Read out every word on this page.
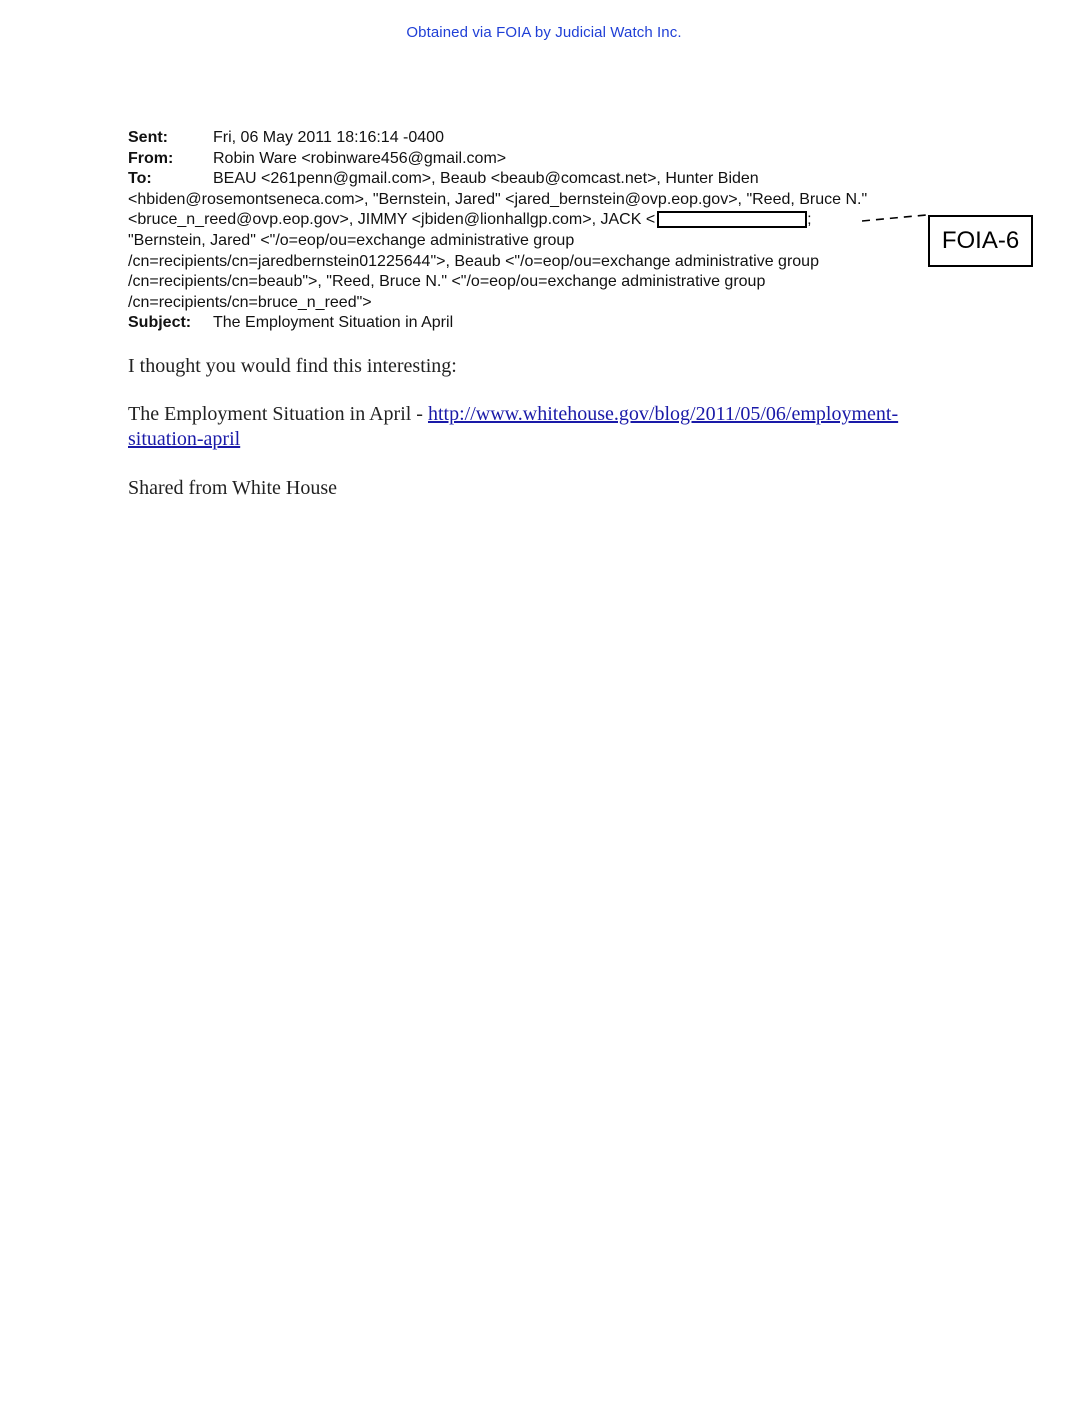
Obtained via FOIA by Judicial Watch Inc.
Sent:	Fri, 06 May 2011 18:16:14 -0400
From:	Robin Ware <robinware456@gmail.com>
To:	BEAU <261penn@gmail.com>, Beaub <beaub@comcast.net>, Hunter Biden
<hbiden@rosemontseneca.com>, "Bernstein, Jared" <jared_bernstein@ovp.eop.gov>, "Reed, Bruce N."
<bruce_n_reed@ovp.eop.gov>, JIMMY <jbiden@lionhallgp.com>, JACK <	;
"Bernstein, Jared" <"/o=eop/ou=exchange administrative group
/cn=recipients/cn=jaredbernstein01225644">, Beaub <"/o=eop/ou=exchange administrative group
/cn=recipients/cn=beaub">, "Reed, Bruce N." <"/o=eop/ou=exchange administrative group
/cn=recipients/cn=bruce_n_reed">
Subject:	The Employment Situation in April
FOIA-6
I thought you would find this interesting:
The Employment Situation in April - http://www.whitehouse.gov/blog/2011/05/06/employment-
situation-april
Shared from White House
